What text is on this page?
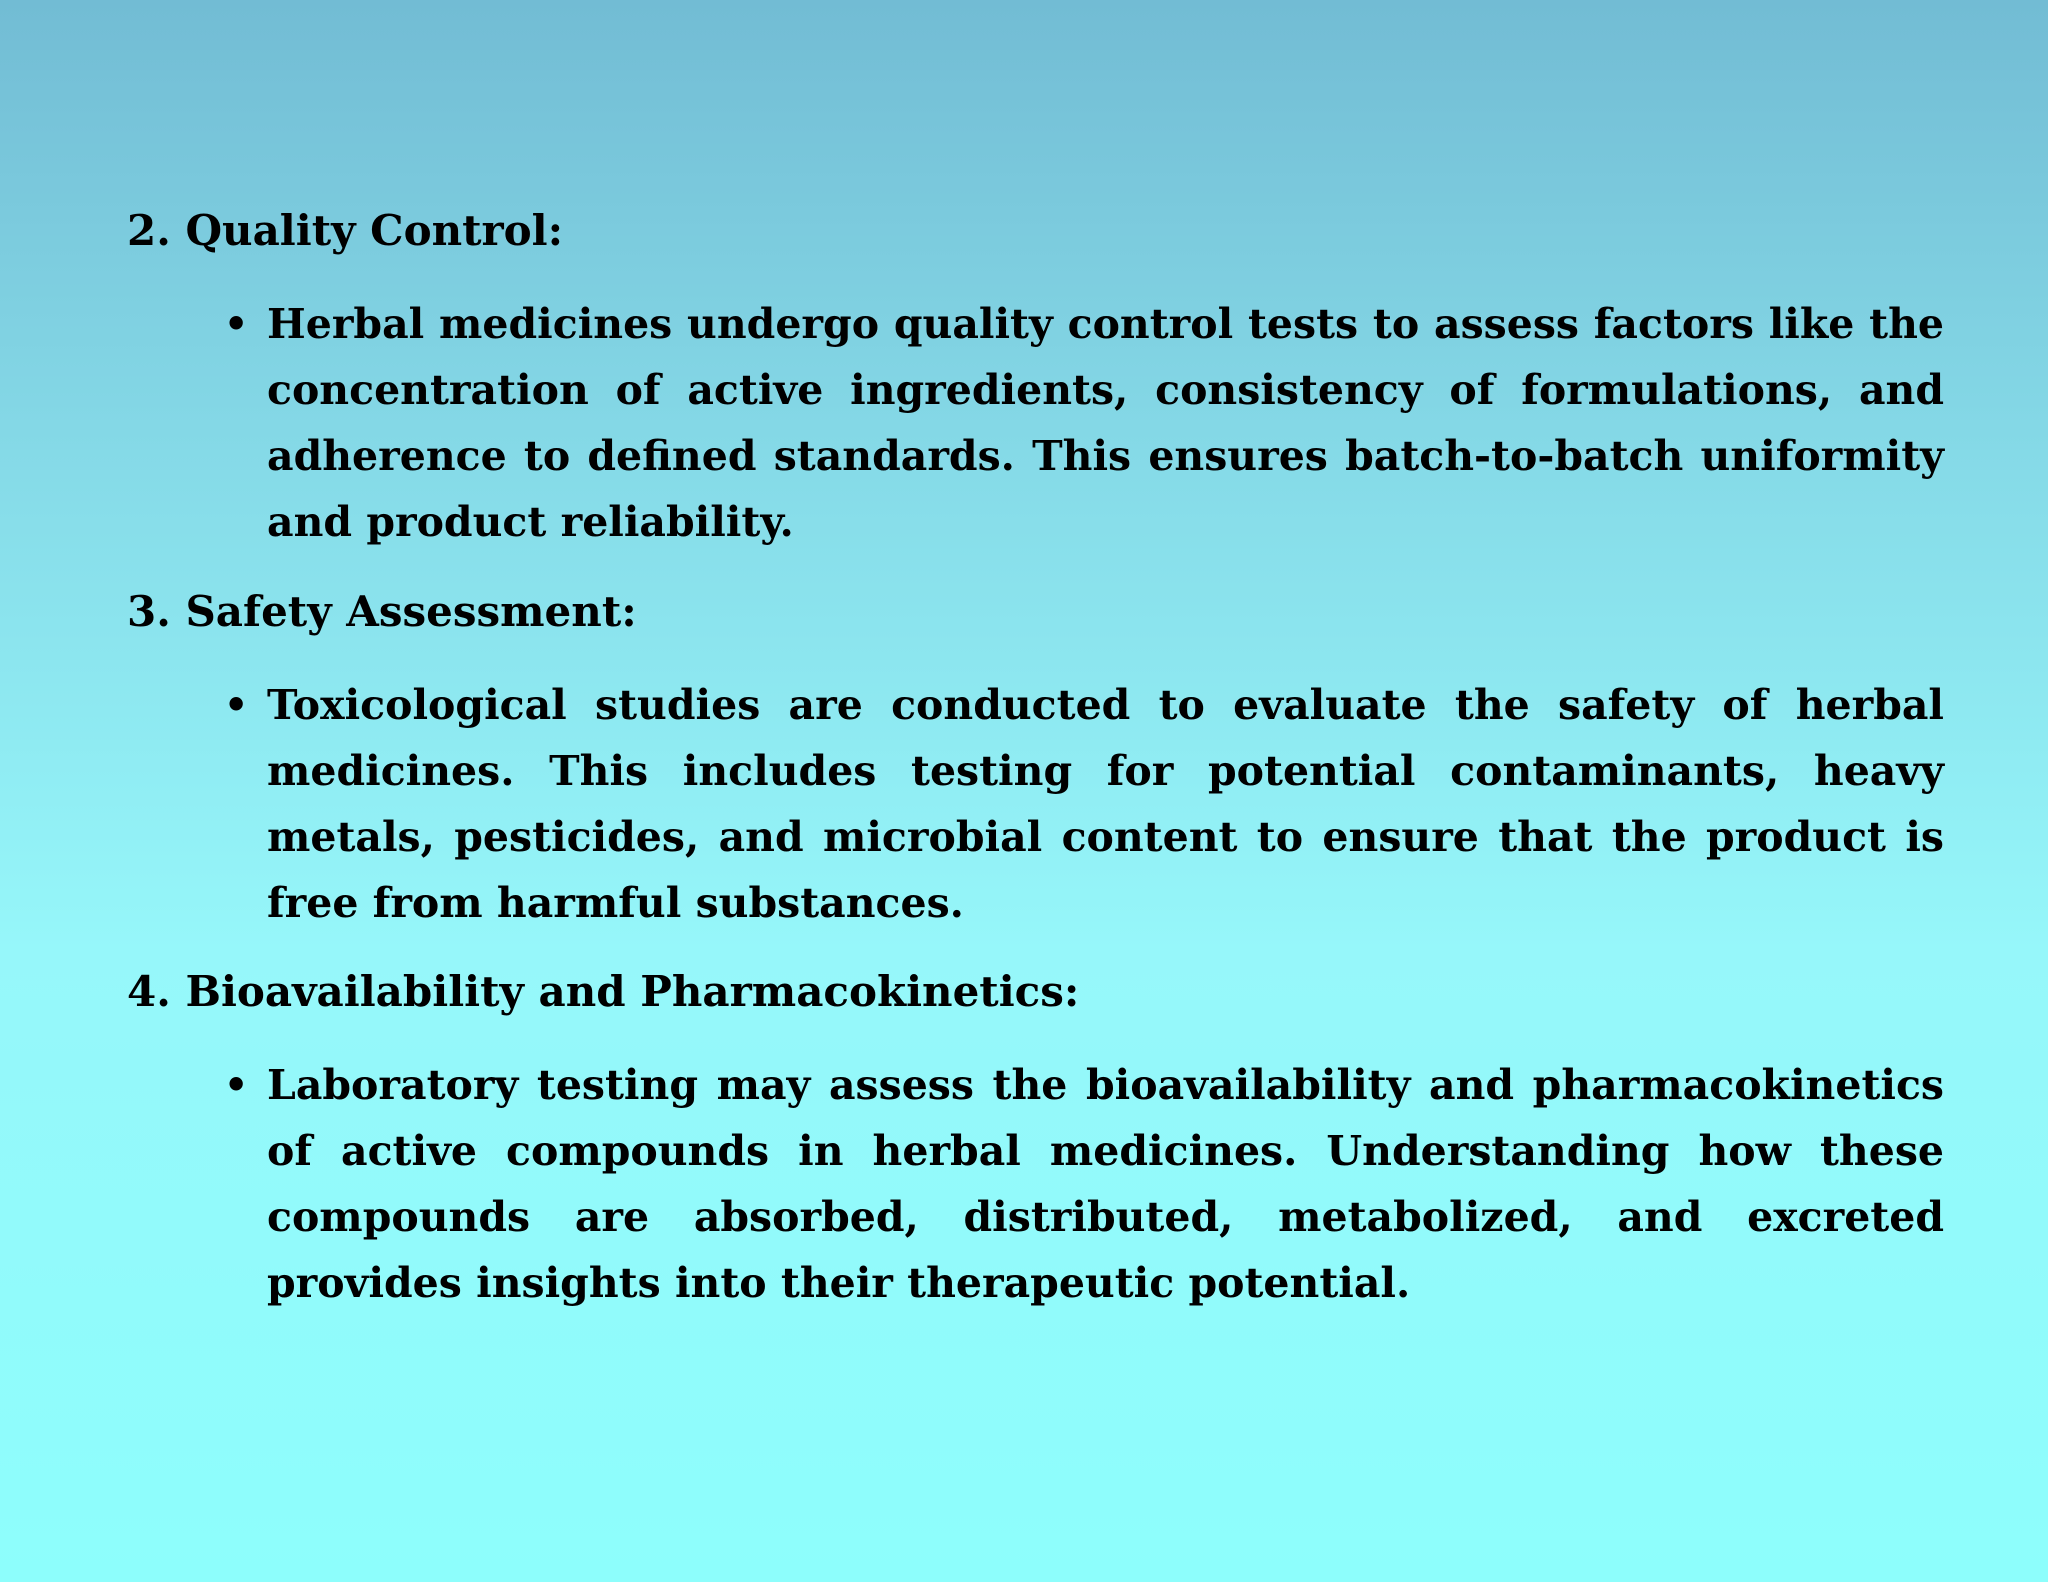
2. Quality Control:
• Herbal medicines undergo quality control tests to assess factors like the concentration of active ingredients, consistency of formulations, and adherence to defined standards. This ensures batch-to-batch uniformity and product reliability.

3. Safety Assessment:
• Toxicological studies are conducted to evaluate the safety of herbal medicines. This includes testing for potential contaminants, heavy metals, pesticides, and microbial content to ensure that the product is free from harmful substances.

4. Bioavailability and Pharmacokinetics:
• Laboratory testing may assess the bioavailability and pharmacokinetics of active compounds in herbal medicines. Understanding how these compounds are absorbed, distributed, metabolized, and excreted provides insights into their therapeutic potential.
